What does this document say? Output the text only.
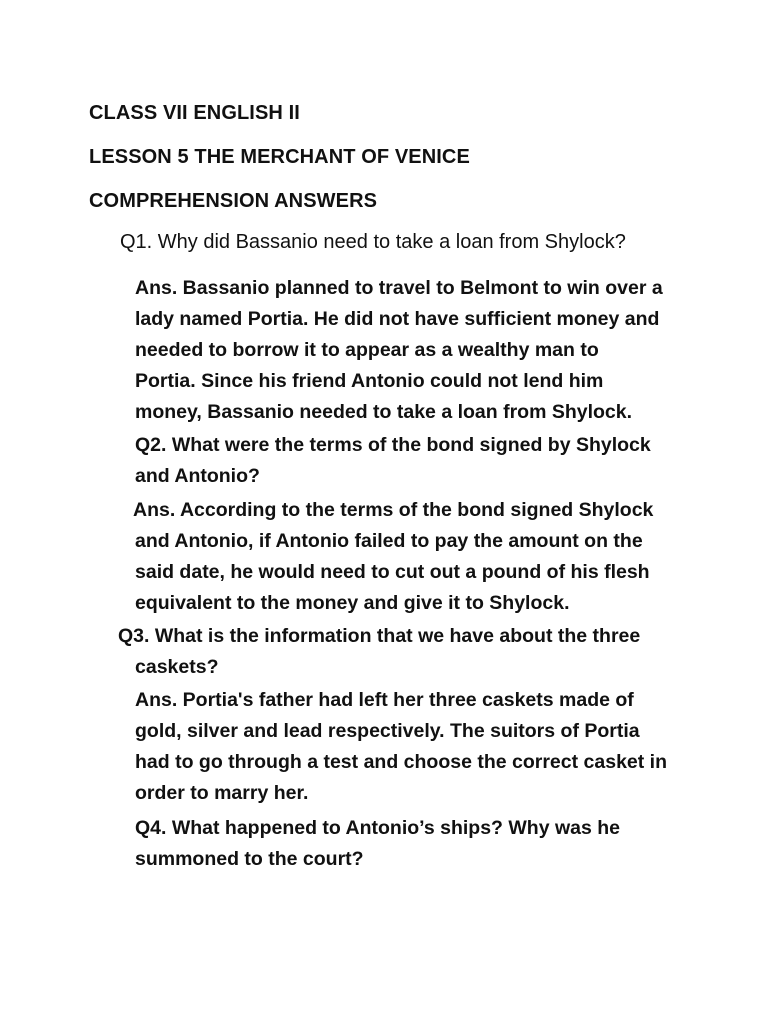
CLASS VII ENGLISH II
LESSON 5 THE MERCHANT OF VENICE
COMPREHENSION ANSWERS
Q1. Why did Bassanio need to take a loan from Shylock?
Ans. Bassanio planned to travel to Belmont to win over a
lady named Portia. He did not have sufficient money and
needed to borrow it to appear as a wealthy man to
Portia. Since his friend Antonio could not lend him
money, Bassanio needed to take a loan from Shylock.
Q2. What were the terms of the bond signed by Shylock
and Antonio?
Ans. According to the terms of the bond signed Shylock
and Antonio, if Antonio failed to pay the amount on the
said date, he would need to cut out a pound of his flesh
equivalent to the money and give it to Shylock.
Q3. What is the information that we have about the three
caskets?
Ans. Portia's father had left her three caskets made of
gold, silver and lead respectively. The suitors of Portia
had to go through a test and choose the correct casket in
order to marry her.
Q4. What happened to Antonio’s ships? Why was he
summoned to the court?
